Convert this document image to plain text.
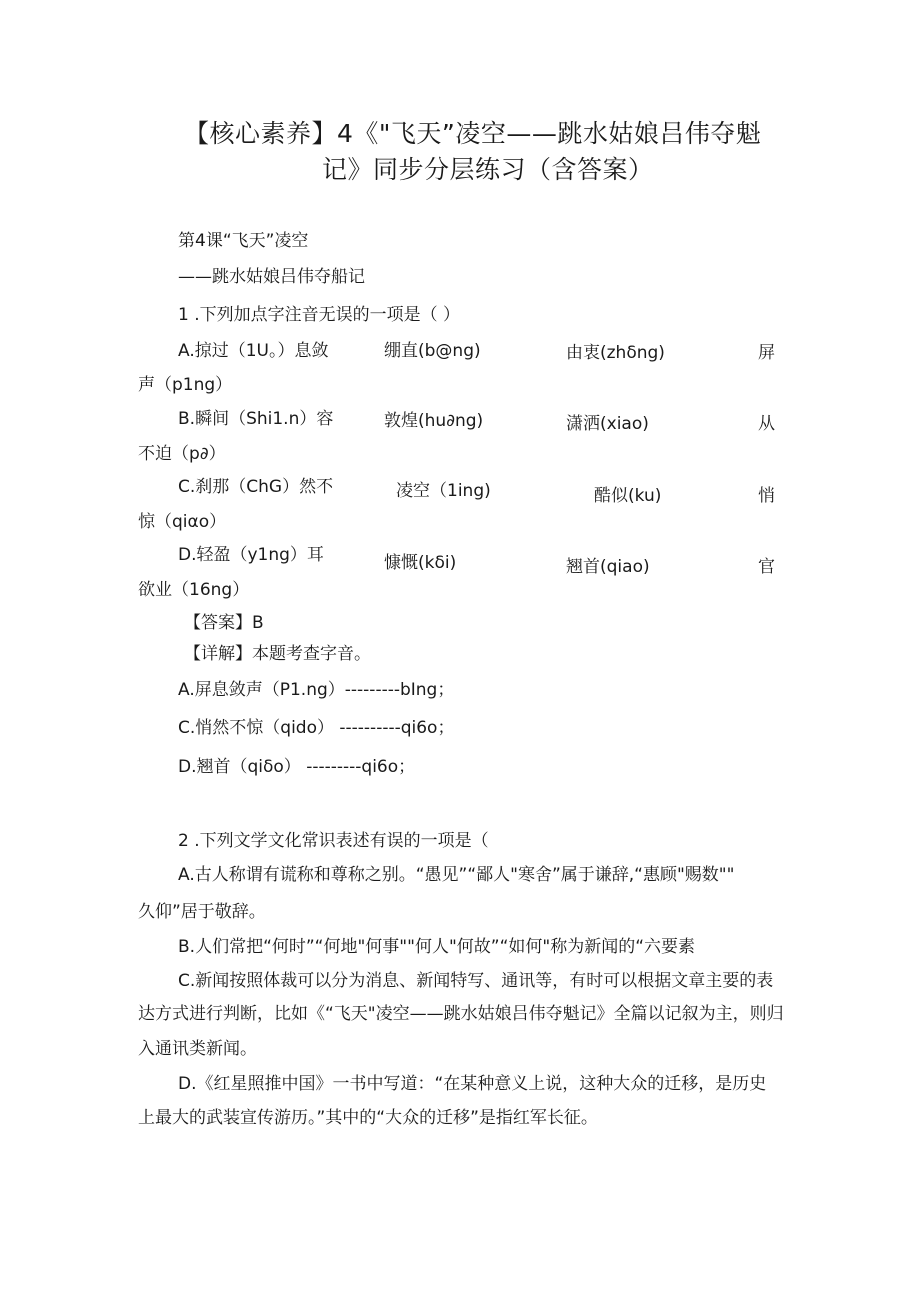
【核心素养】4《"飞天”凌空——跳水姑娘吕伟夺魁
记》同步分层练习（含答案）
第4课“飞天”凌空
——跳水姑娘吕伟夺船记
1 .下列加点字注音无误的一项是（ ）
A.掠过（1U。）息敛	绷直(b@ng)	由衷(zhδng)	屏
声（p1ng）
B.瞬间（Shi1.n）容	敦煌(hu∂ng)	潇洒(xiao)	从
不迫（p∂）
C.刹那（ChG）然不	凌空（1ing)	酷似(ku)	悄
惊（qiαo）
D.轻盈（y1ng）耳	慷慨(kδi)	翘首(qiao)	官
欲业（16ng）
【答案】B
【详解】本题考查字音。
A.屏息敛声（P1.ng）---------bIng；
C.悄然不惊（qido） ----------qi6o；
D.翘首（qiδo） ---------qi6o；
2 .下列文学文化常识表述有误的一项是（
A.古人称谓有谎称和尊称之别。“愚见”“鄙人"寒舍”属于谦辞,“惠顾"赐数""
久仰”居于敬辞。
B.人们常把“何时”“何地"何事""何人"何故”“如何"称为新闻的“六要素
C.新闻按照体裁可以分为消息、新闻特写、通讯等，有时可以根据文章主要的表
达方式进行判断，比如《“飞天"凌空——跳水姑娘吕伟夺魁记》全篇以记叙为主，则归
入通讯类新闻。
D.《红星照推中国》一书中写道：“在某种意义上说，这种大众的迁移，是历史
上最大的武装宣传游历。”其中的“大众的迁移”是指红军长征。
